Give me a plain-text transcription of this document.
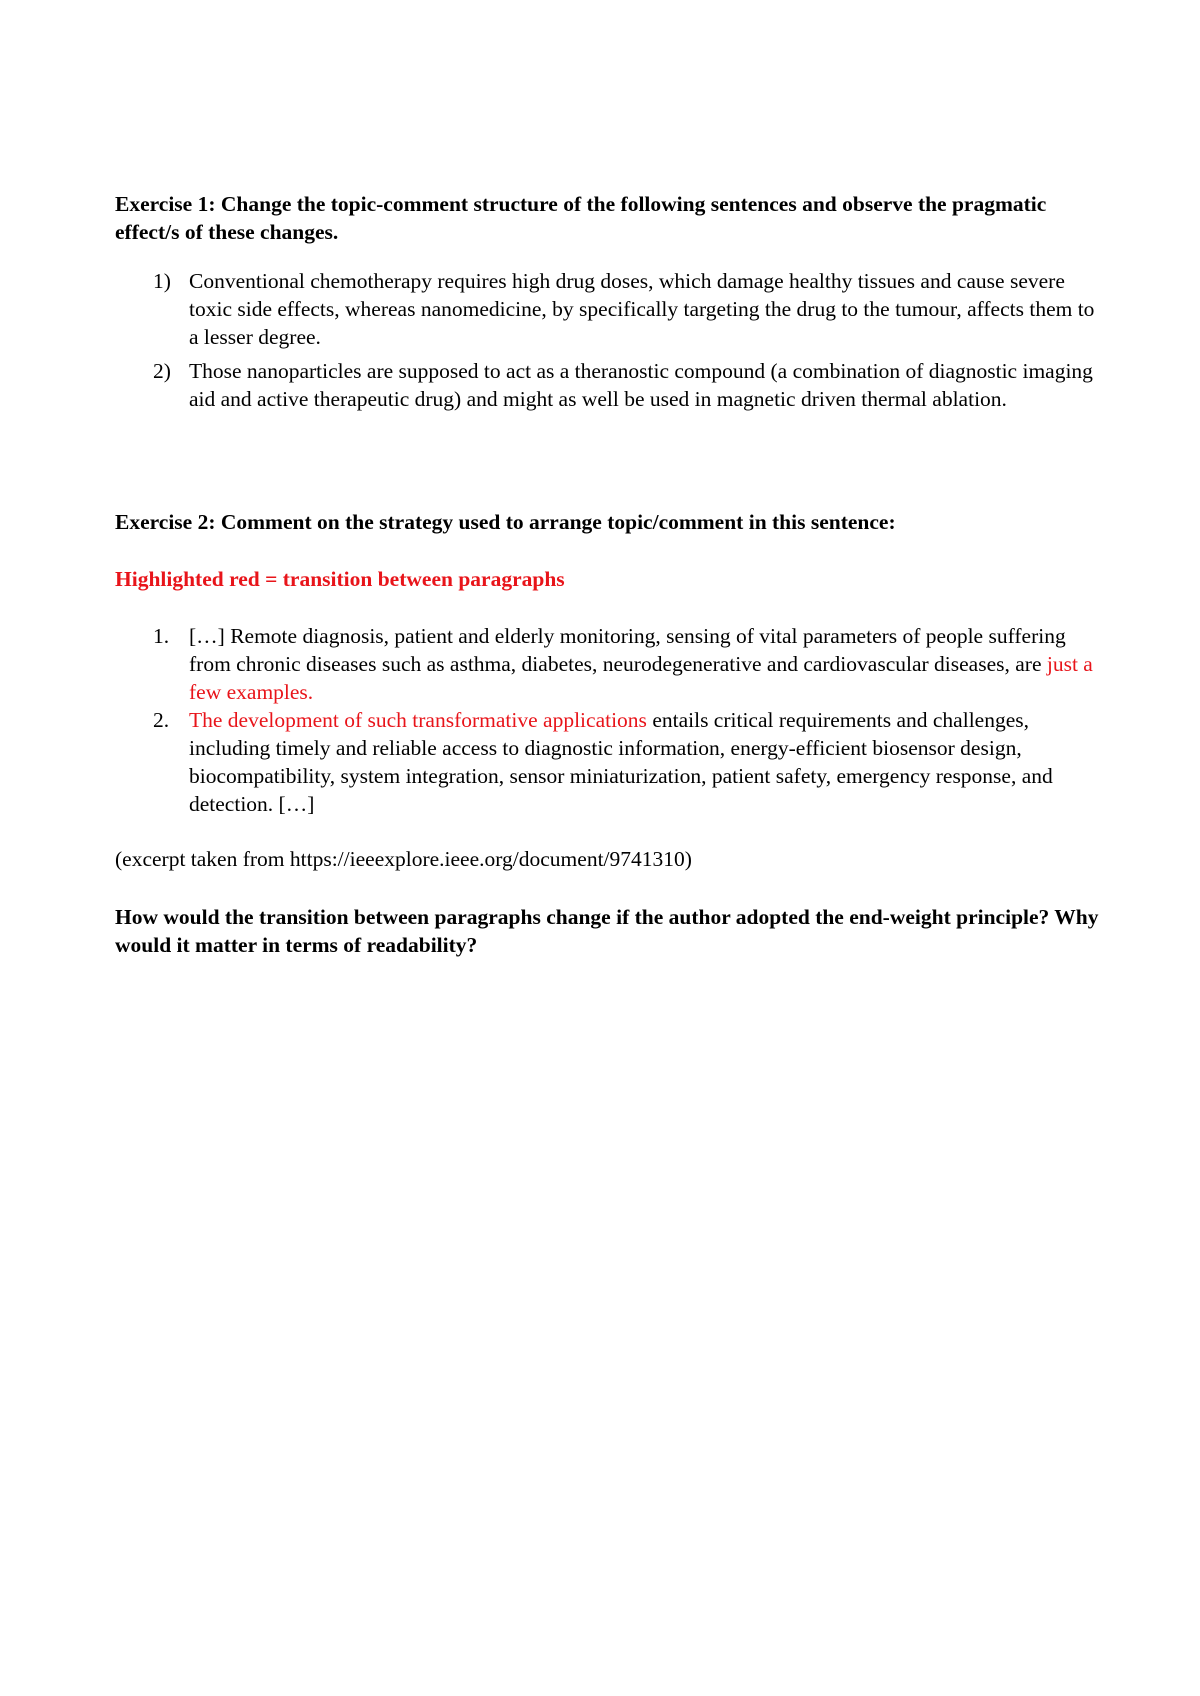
Exercise 1: Change the topic-comment structure of the following sentences and observe the pragmatic effect/s of these changes.
1) Conventional chemotherapy requires high drug doses, which damage healthy tissues and cause severe toxic side effects, whereas nanomedicine, by specifically targeting the drug to the tumour, affects them to a lesser degree.
2) Those nanoparticles are supposed to act as a theranostic compound (a combination of diagnostic imaging aid and active therapeutic drug) and might as well be used in magnetic driven thermal ablation.
Exercise 2: Comment on the strategy used to arrange topic/comment in this sentence:
Highlighted red = transition between paragraphs
1. […] Remote diagnosis, patient and elderly monitoring, sensing of vital parameters of people suffering from chronic diseases such as asthma, diabetes, neurodegenerative and cardiovascular diseases, are just a few examples.
2. The development of such transformative applications entails critical requirements and challenges, including timely and reliable access to diagnostic information, energy-efficient biosensor design, biocompatibility, system integration, sensor miniaturization, patient safety, emergency response, and detection. […]
(excerpt taken from https://ieeexplore.ieee.org/document/9741310)
How would the transition between paragraphs change if the author adopted the end-weight principle? Why would it matter in terms of readability?
